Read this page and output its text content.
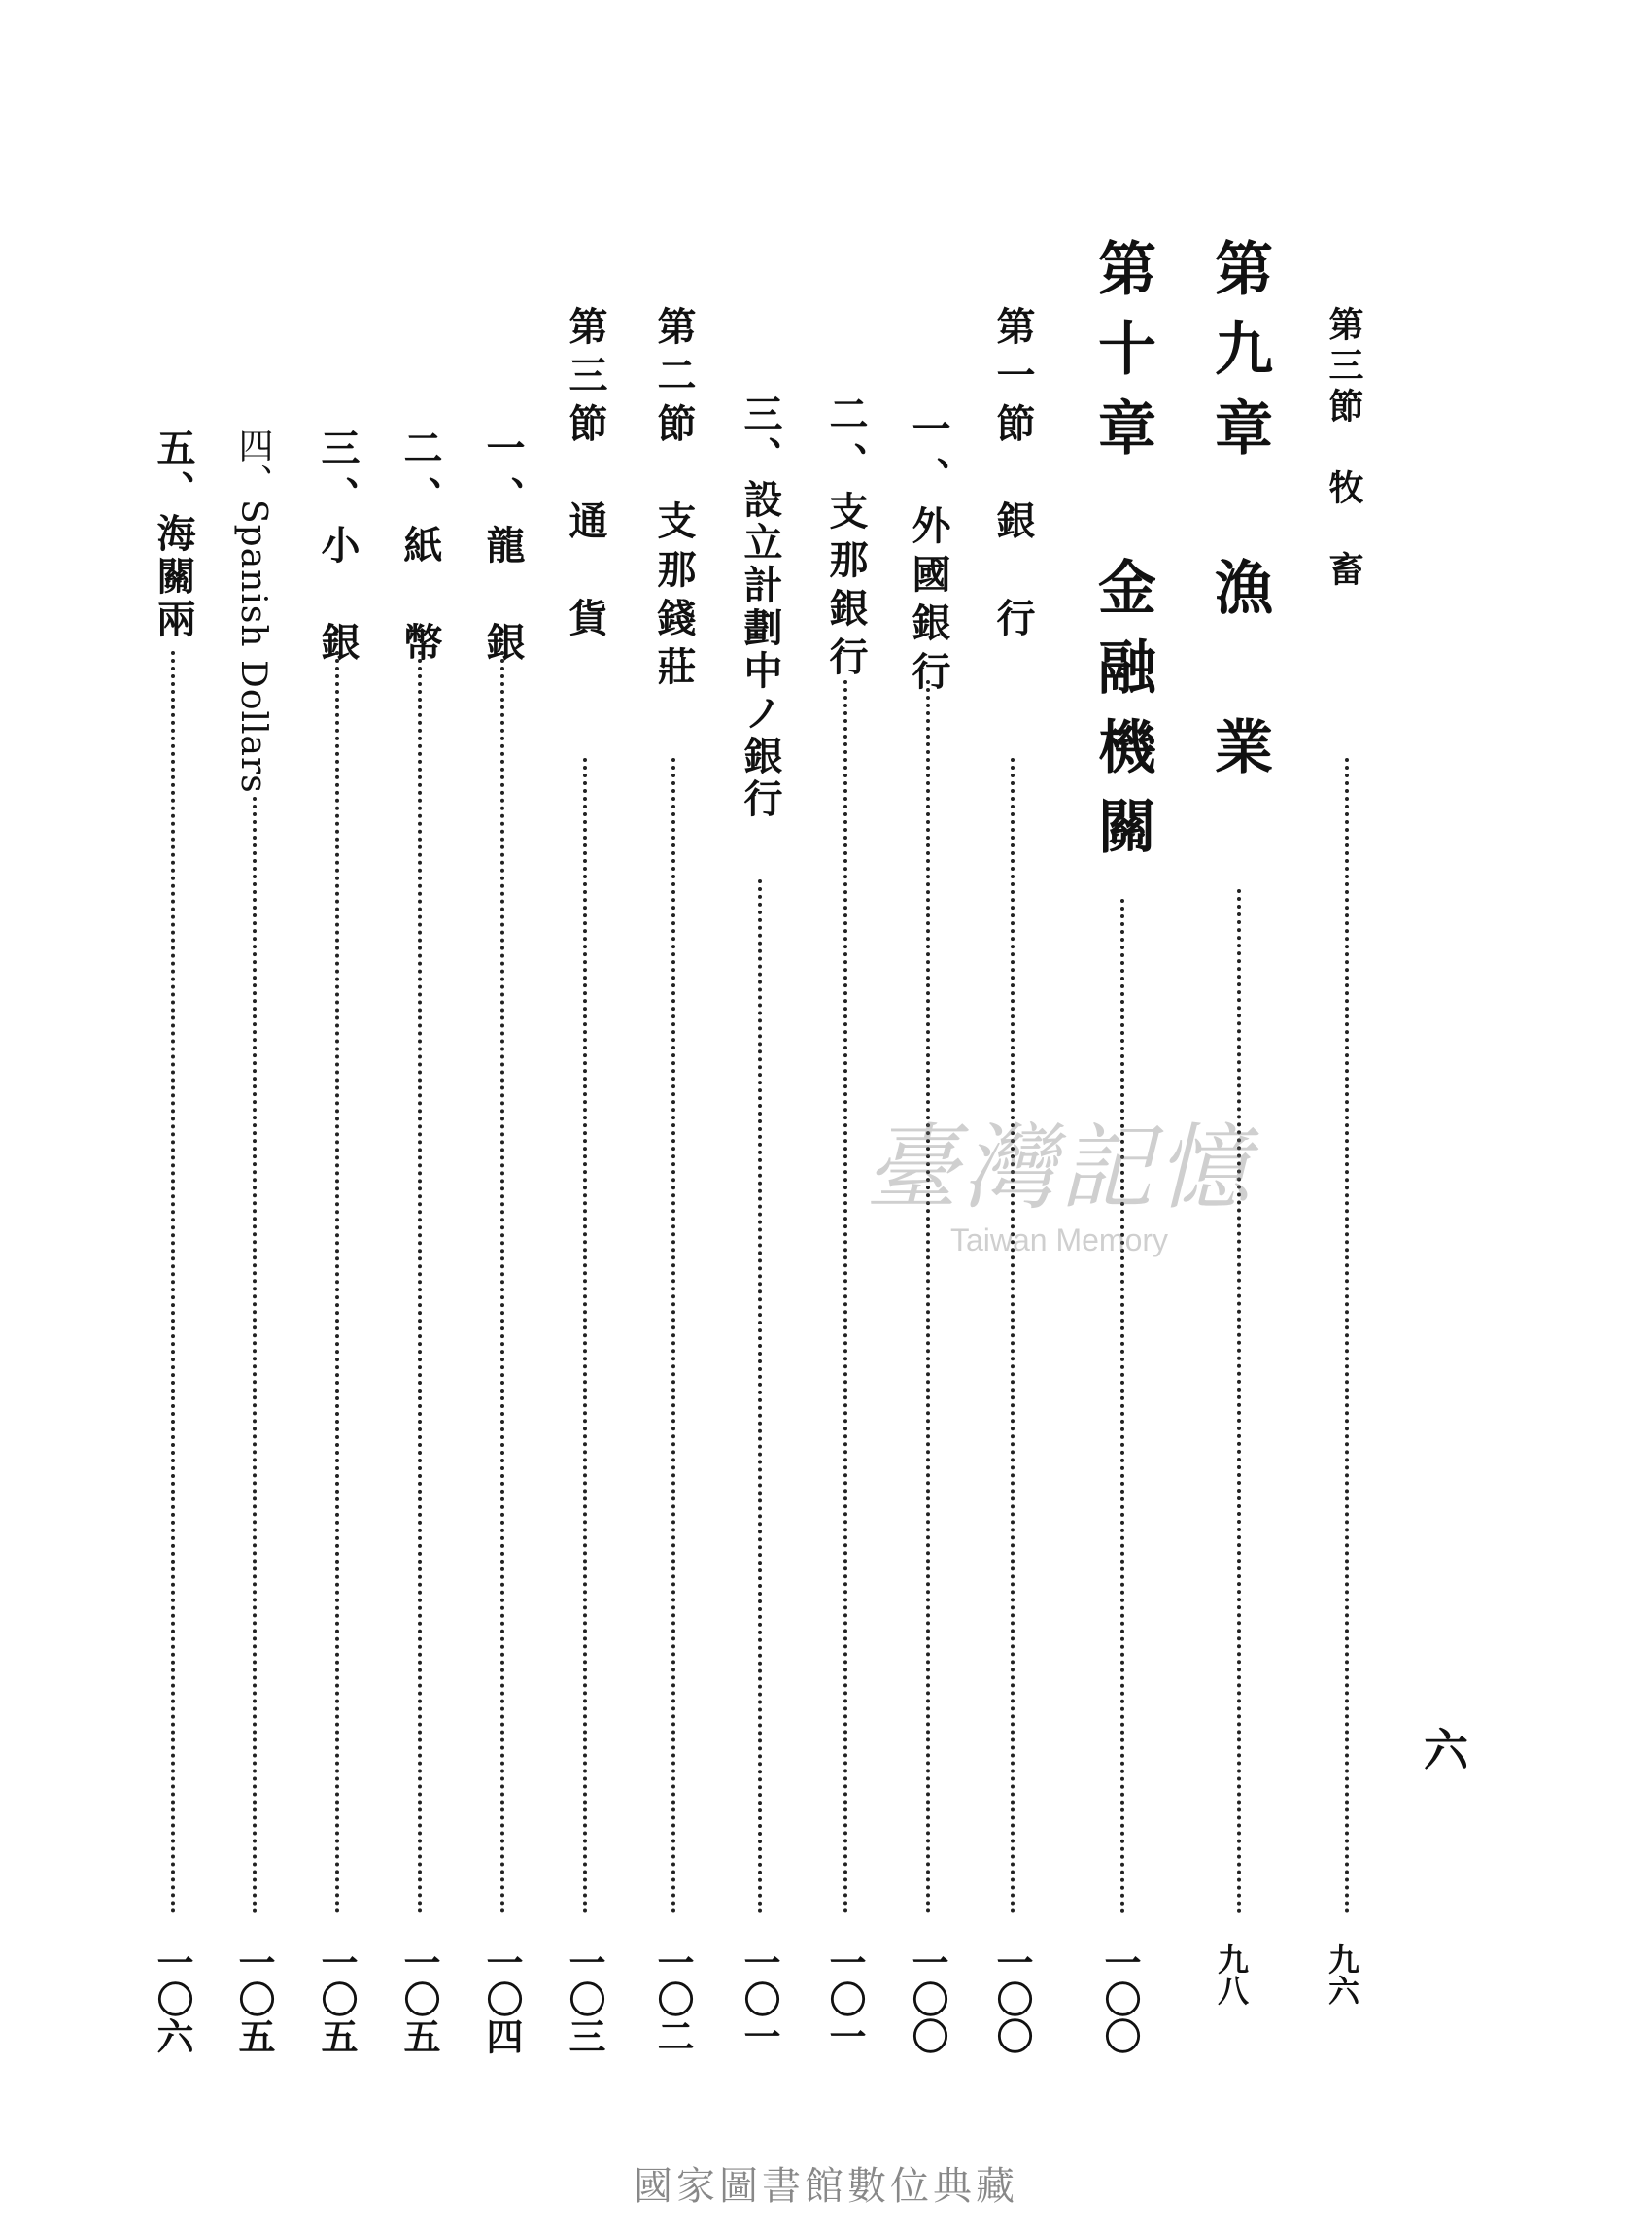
第三節　牧　畜
九六
第九章　漁　業
九八
第十章　金融機關
一〇〇
第一節　銀　行
一〇〇
一、外國銀行
一〇〇
二、支那銀行
一〇一
三、設立計劃中ノ銀行
一〇一
第二節　支那錢莊
一〇二
第三節　通　貨
一〇三
一、龍　銀
一〇四
二、紙　幣
一〇五
三、小　銀
一〇五
四、Spanish Dollars
一〇五
五、海關兩
一〇六
六
臺灣記憶
Taiwan Memory
國家圖書館數位典藏
